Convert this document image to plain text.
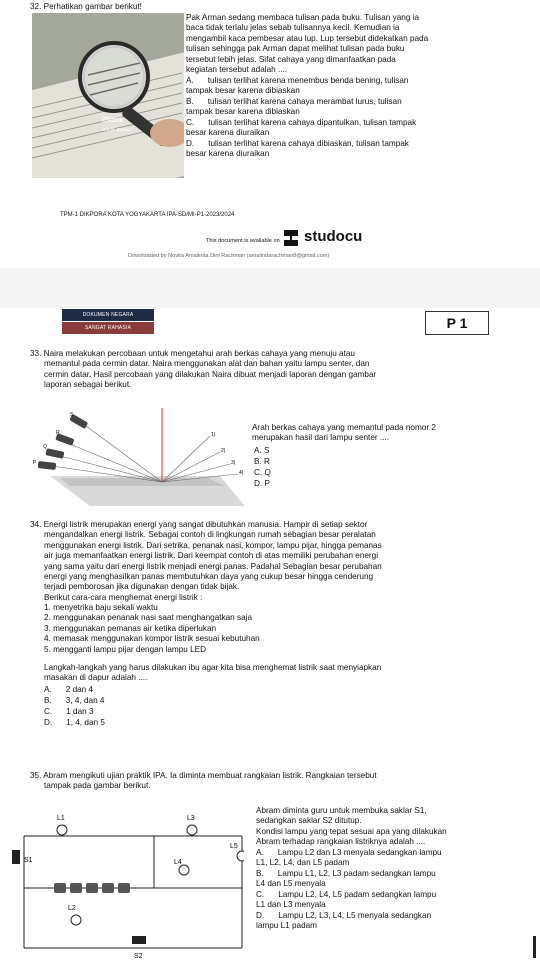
32. Perhatikan gambar berikut!
iStock
Credit: Sureso
Pak Arman sedang membaca tulisan pada buku. Tulisan yang ia
baca tidak terlalu jelas sebab tulisannya kecil. Kemudian ia
mengambil kaca pembesar atau lup. Lup tersebut didekatkan pada
tulisan sehingga pak Arman dapat melihat tulisan pada buku
tersebut lebih jelas. Sifat cahaya yang dimanfaatkan pada
kegiatan tersebut adalah ....
A. tulisan terlihat karena menembus benda bening, tulisan
tampak besar karena dibiaskan
B. tulisan terlihat karena cahaya merambat lurus, tulisan
tampak besar karena dibiaskan
C. tulisan terlihat karena cahaya dipantulkan, tulisan tampak
besar karena diuraikan
D. tulisan terlihat karena cahaya dibiaskan, tulisan tampak
besar karena diuraikan
TPM-1 DIKPORA KOTA YOGYAKARTA IPA-SD/MI-P1-2023/2024
This document is available on studocu
Downloaded by Novita Amalinda Dini Rachman (amalindarachman8@gmail.com)
DOKUMEN NEGARA
SANGAT RAHASIA	P 1
33. Naira melakukan percobaan untuk mengetahui arah berkas cahaya yang menuju atau
memantul pada cermin datar. Naira menggunakan alat dan bahan yaitu lampu senter, dan
cermin datar. Hasil percobaan yang dilakukan Naira dibuat menjadi laporan dengan gambar
laporan sebagai berikut.
S
R
Q
P
1)
2)
3)
4)
Arah berkas cahaya yang memantul pada nomor 2
merupakan hasil dari lampu senter ....
A. S
B. R
C. Q
D. P
34. Energi listrik merupakan energi yang sangat dibutuhkan manusia. Hampir di setiap sektor
mengandalkan energi listrik. Sebagai contoh di lingkungan rumah sebagian besar peralatan
menggunakan energi listrik. Dari setrika, penanak nasi, kompor, lampu pijar, hingga pemanas
air juga memanfaatkan energi listrik. Dari keempat contoh di atas memiliki perubahan energi
yang sama yaitu dari energi listrik menjadi energi panas. Padahal Sebagian besar perubahan
energi yang menghasilkan panas membutuhkan daya yang cukup besar hingga cenderung
terjadi pemborosan jika digunakan dengan tidak bijak.
Berikut cara-cara menghemat energi listrik :
1. menyetrika baju sekali waktu
2. menggunakan penanak nasi saat menghangatkan saja
3. menggunakan pemanas air ketika diperlukan
4. memasak menggunakan kompor listrik sesuai kebutuhan
5. mengganti lampu pijar dengan lampu LED
Langkah-langkah yang harus dilakukan ibu agar kita bisa menghemat listrik saat menyiapkan
masakan di dapur adalah ....
A. 2 dan 4
B. 3, 4, dan 4
C. 1 dan 3
D. 1, 4, dan 5
35. Abram mengikuti ujian praktik IPA. Ia diminta membuat rangkaian listrik. Rangkaian tersebut
tampak pada gambar berikut.
L1	L3
L4
L5
L2
S1
S2
Abram diminta guru untuk membuka saklar S1,
sedangkan saklar S2 ditutup.
Kondisi lampu yang tepat sesuai apa yang dilakukan
Abram terhadap rangkaian listriknya adalah ....
A. Lampu L2 dan L3 menyala sedangkan lampu
L1, L2, L4, dan L5 padam
B. Lampu L1, L2, L3 padam sedangkan lampu
L4 dan L5 menyala
C. Lampu L2, L4, L5 padam sedangkan lampu
L1 dan L3 menyala
D. Lampu L2, L3, L4, L5 menyala sedangkan
lampu L1 padam
